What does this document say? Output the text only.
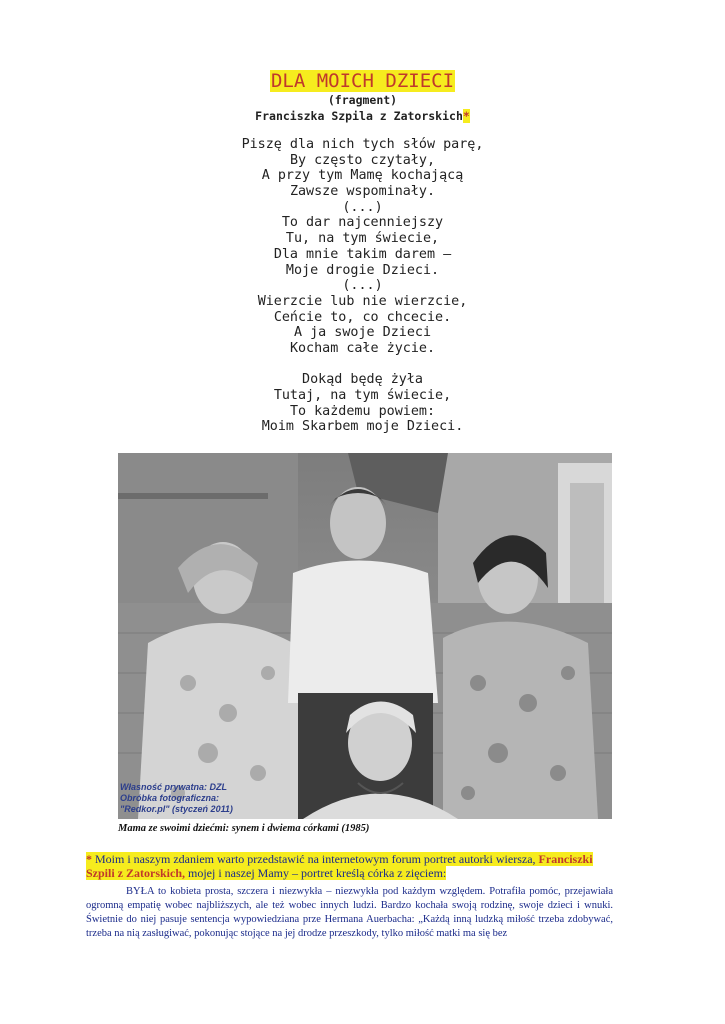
DLA MOICH DZIECI
(fragment)
Franciszka Szpila z Zatorskich*
Piszę dla nich tych słów parę,
By często czytały,
A przy tym Mamę kochającą
Zawsze wspominały.
(...)
To dar najcenniejszy
Tu, na tym świecie,
Dla mnie takim darem –
Moje drogie Dzieci.
(...)
Wierzcie lub nie wierzcie,
Ceńcie to, co chcecie.
A ja swoje Dzieci
Kocham całe życie.
Dokąd będę żyła
Tutaj, na tym świecie,
To każdemu powiem:
Moim Skarbem moje Dzieci.
Własność prywatna: DZL
Obróbka fotograficzna:
"Redkor.pl" (styczeń 2011)
Mama ze swoimi dziećmi: synem i dwiema córkami (1985)
* Moim i naszym zdaniem warto przedstawić na internetowym forum portret autorki wiersza, Franciszki Szpili z Zatorskich, mojej i naszej Mamy – portret kreślą córka z zięciem:
BYŁA to kobieta prosta, szczera i niezwykła – niezwykła pod każdym względem. Potrafiła pomóc, przejawiała ogromną empatię wobec najbliższych, ale też wobec innych ludzi. Bardzo kochała swoją rodzinę, swoje dzieci i wnuki. Świetnie do niej pasuje sentencja wypowiedziana prze Hermana Auerbacha: „Każdą inną ludzką miłość trzeba zdobywać, trzeba na nią zasługiwać, pokonując stojące na jej drodze przeszkody, tylko miłość matki ma się bez
